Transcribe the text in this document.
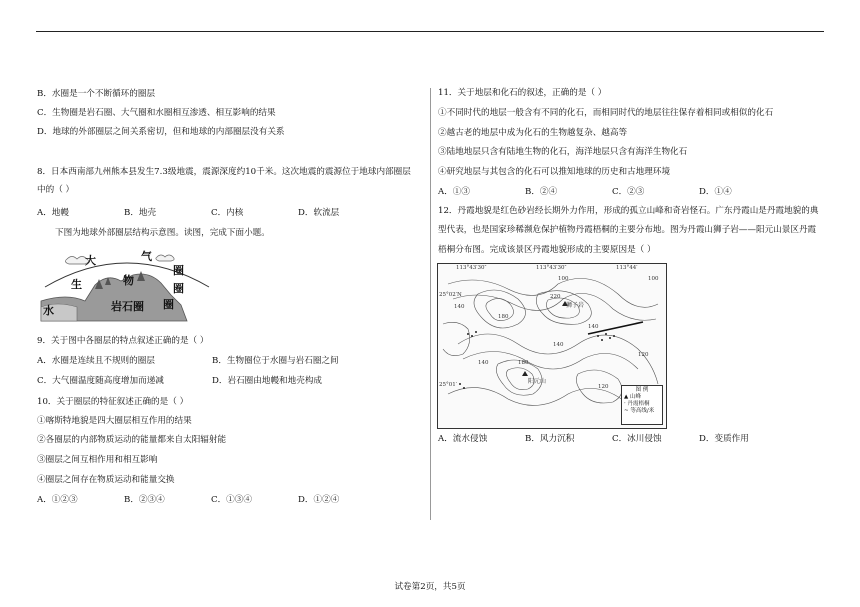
B．水圈是一个不断循环的圈层
C．生物圈是岩石圈、大气圈和水圈相互渗透、相互影响的结果
D．地球的外部圈层之间关系密切，但和地球的内部圈层没有关系
8．日本西南部九州熊本县发生7.3级地震，震源深度约10千米。这次地震的震源位于地球内部圈层
中的（ ）
A．地幔	B．地壳	C．内核	D．软流层
下图为地球外部圈层结构示意图。读图，完成下面小题。
大	气
物
圈
圈
圈
生
水	岩石圈
9．关于图中各圈层的特点叙述正确的是（ ）
A．水圈是连续且不规则的圈层	B．生物圈位于水圈与岩石圈之间
C．大气圈温度随高度增加而递减	D．岩石圈由地幔和地壳构成
10．关于圈层的特征叙述正确的是（ ）
①喀斯特地貌是四大圈层相互作用的结果
②各圈层的内部物质运动的能量都来自太阳辐射能
③圈层之间互相作用和相互影响
④圈层之间存在物质运动和能量交换
A．①②③	B．②③④	C．①③④	D．①②④
11．关于地层和化石的叙述，正确的是（ ）
①不同时代的地层一般含有不同的化石，而相同时代的地层往往保存着相同或相似的化石
②越古老的地层中成为化石的生物越复杂、越高等
③陆地地层只含有陆地生物的化石，海洋地层只含有海洋生物化石
④研究地层与其包含的化石可以推知地球的历史和古地理环境
A．①③	B．②④	C．②③	D．①④
12．丹霞地貌是红色砂岩经长期外力作用，形成的孤立山峰和奇岩怪石。广东丹霞山是丹霞地貌的典
型代表，也是国家珍稀濒危保护植物丹霞梧桐的主要分布地。图为丹霞山狮子岩——阳元山景区丹霞
梧桐分布图。完成该景区丹霞地貌形成的主要原因是（ ）
A．流水侵蚀	B．风力沉积	C．冰川侵蚀	D．变质作用
113°43′30″	113°43′30″	113°44′
25°02′N
25°01′
狮子岩
阳元山
100
140
220
180
140
120
100
140	180
120
140
图 例
▲ 山峰
· 丹霞梧桐
~ 等高线/米
试卷第2页，共5页
